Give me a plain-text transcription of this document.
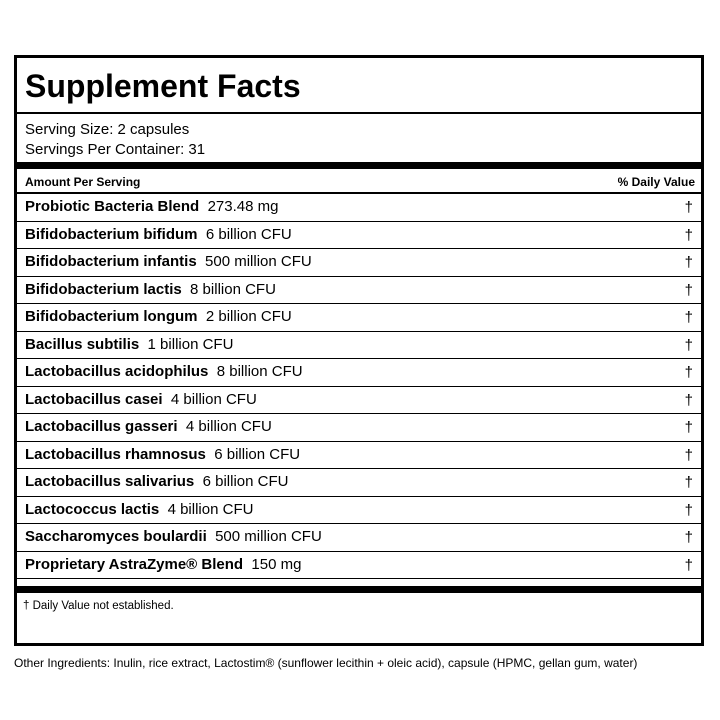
Supplement Facts
Serving Size: 2 capsules
Servings Per Container: 31
Amount Per Serving	% Daily Value
Probiotic Bacteria Blend 273.48 mg	†
Bifidobacterium bifidum 6 billion CFU	†
Bifidobacterium infantis 500 million CFU	†
Bifidobacterium lactis 8 billion CFU	†
Bifidobacterium longum 2 billion CFU	†
Bacillus subtilis 1 billion CFU	†
Lactobacillus acidophilus 8 billion CFU	†
Lactobacillus casei 4 billion CFU	†
Lactobacillus gasseri 4 billion CFU	†
Lactobacillus rhamnosus 6 billion CFU	†
Lactobacillus salivarius 6 billion CFU	†
Lactococcus lactis 4 billion CFU	†
Saccharomyces boulardii 500 million CFU	†
Proprietary AstraZyme® Blend 150 mg	†
† Daily Value not established.
Other Ingredients: Inulin, rice extract, Lactostim® (sunflower lecithin + oleic acid), capsule (HPMC, gellan gum, water)
